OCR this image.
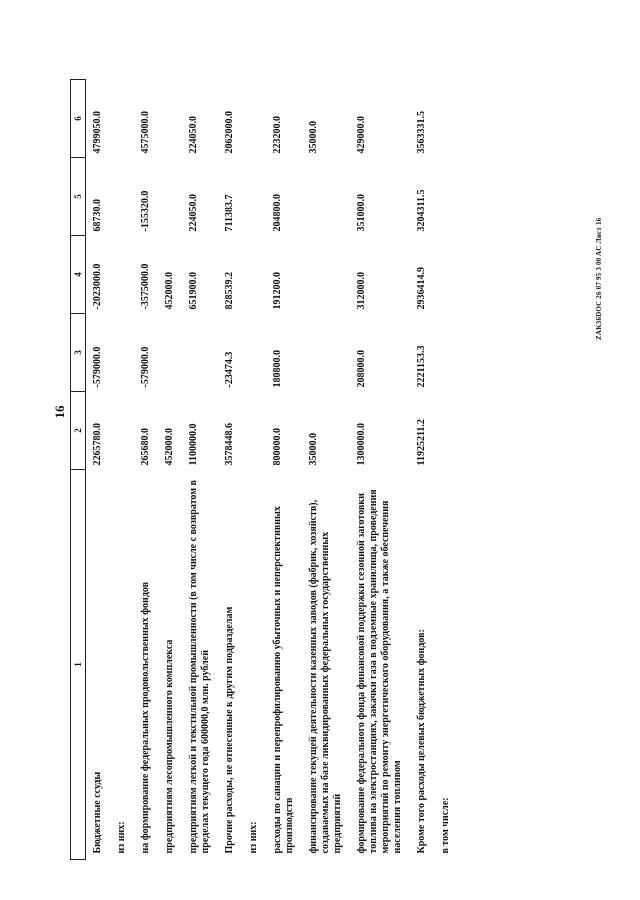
16
1	2	3	4	5	6
Бюджетные ссуды	2265780.0	-579000.0	-2023000.0	68730.0	4799050.0
из них:					
на формирование федеральных продовольственных фондов	265680.0	-579000.0	-3575000.0	-155320.0	4575000.0
предприятиям лесопромышленного комплекса	452000.0		452000.0		
предприятиям легкой и текстильной промышленности (в том числе с возвратом в пределах текущего года 600000,0 млн. рублей	1100000.0		651900.0	224050.0	224050.0
Прочие расходы, не отнесенные к другим подразделам	3578448.6	-23474.3	828539.2	711383.7	2062000.0
из них:					
расходы по санации и перепрофилированию убыточных и неперспективных производств	800000.0	180800.0	191200.0	204800.0	223200.0
финансирование текущей деятельности казенных заводов (фабрик, хозяйств), создаваемых на базе ликвидированных федеральных государственных предприятий	35000.0				35000.0
формирование федерального фонда финансовой поддержки сезонной заготовки топлива на электростанциях, закачки газа в подземные хранилища, проведения мероприятий по ремонту энергетического оборудования, а также обеспечения населения топливом	1300000.0	208000.0	312000.0	351000.0	429000.0
Кроме того расходы целевых бюджетных фондов:	11925211.2	2221153.3	2936414.9	3204311.5	3563331.5
в том числе:					
ZAK36DOC 26 07 95 3 00 AC Лист 16
